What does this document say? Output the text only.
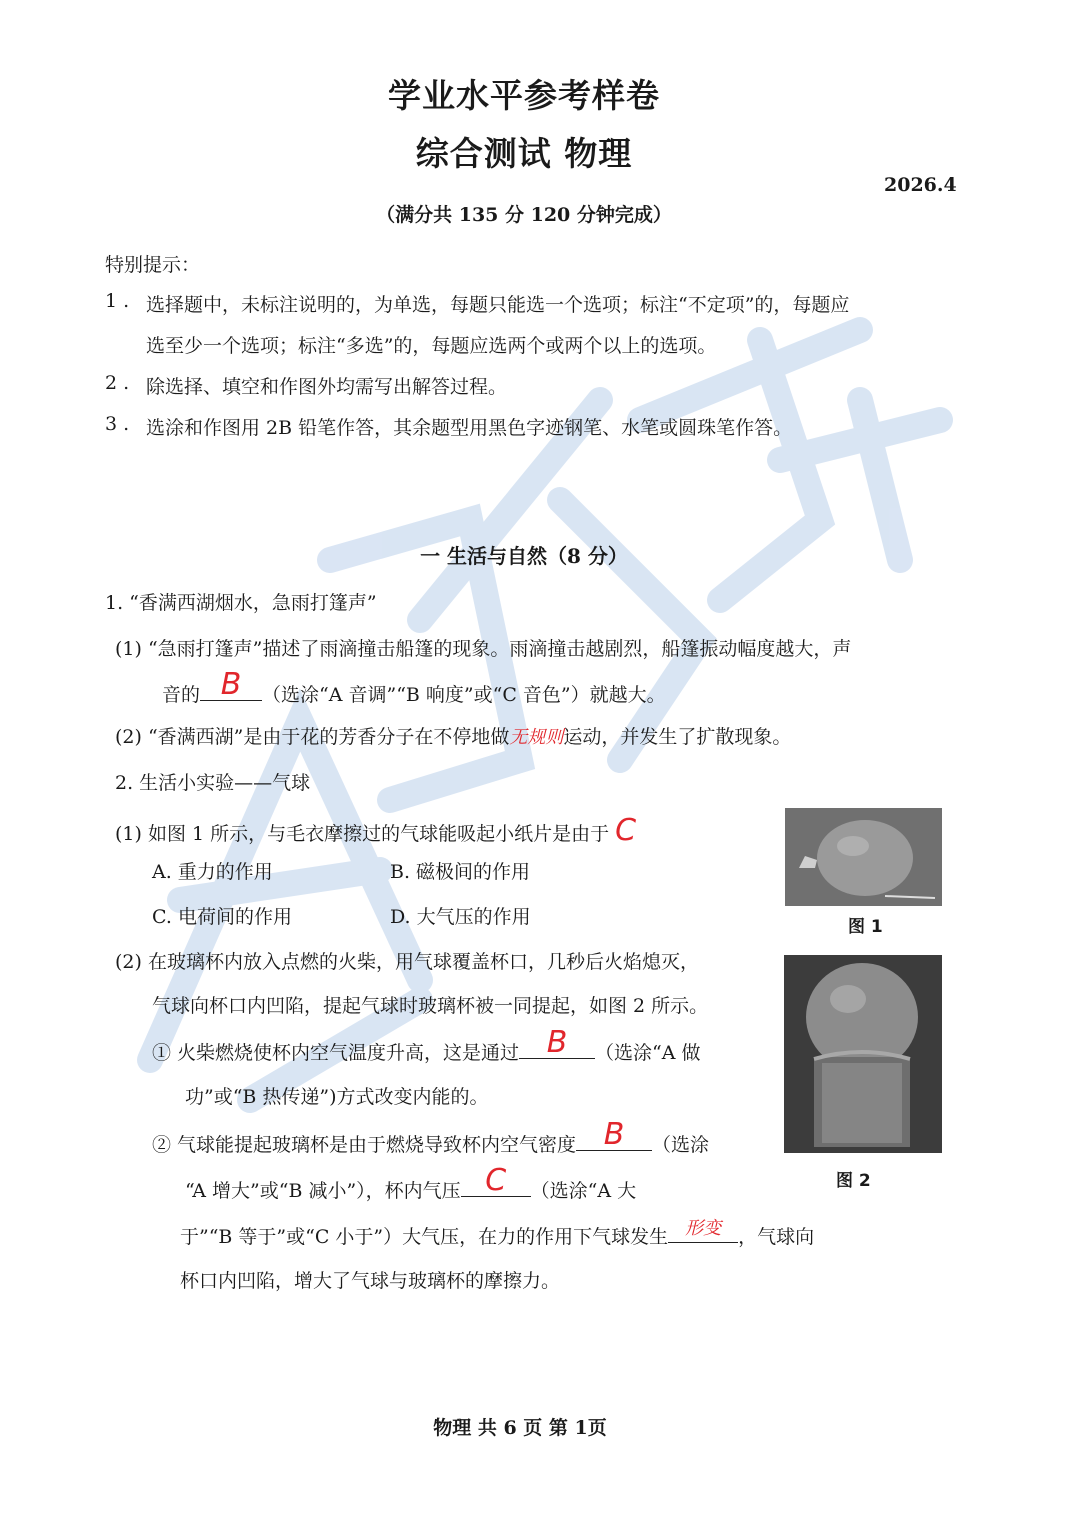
学业水平参考样卷
综合测试 物理
2026.4
（满分共 135 分 120 分钟完成）
特别提示：
1 . 选择题中，未标注说明的，为单选，每题只能选一个选项；标注“不定项”的，每题应
选至少一个选项；标注“多选”的，每题应选两个或两个以上的选项。
2 . 除选择、填空和作图外均需写出解答过程。
3 . 选涂和作图用 2B 铅笔作答，其余题型用黑色字迹钢笔、水笔或圆珠笔作答。
一 生活与自然（8 分）
1. “香满西湖烟水，急雨打篷声”
(1) “急雨打篷声”描述了雨滴撞击船篷的现象。雨滴撞击越剧烈，船篷振动幅度越大，声
音的 B	（选涂“A 音调”“B 响度”或“C 音色”）就越大。
(2) “香满西湖”是由于花的芳香分子在不停地做无规则运动，并发生了扩散现象。
2. 生活小实验——气球
(1) 如图 1 所示，与毛衣摩擦过的气球能吸起小纸片是由于 C
A. 重力的作用	B. 磁极间的作用
C. 电荷间的作用	D. 大气压的作用	图 1
(2) 在玻璃杯内放入点燃的火柴，用气球覆盖杯口，几秒后火焰熄灭，
气球向杯口内凹陷，提起气球时玻璃杯被一同提起，如图 2 所示。
① 火柴燃烧使杯内空气温度升高，这是通过 B	（选涂“A 做
功”或“B 热传递”)方式改变内能的。
② 气球能提起玻璃杯是由于燃烧导致杯内空气密度 B	（选涂
“A 增大”或“B 减小”），杯内气压 C	（选涂“A 大
于”“B 等于”或“C 小于”）大气压，在力的作用下气球发生 形变 ，气球向
杯口内凹陷，增大了气球与玻璃杯的摩擦力。
图 2
物理 共 6 页 第 1页
